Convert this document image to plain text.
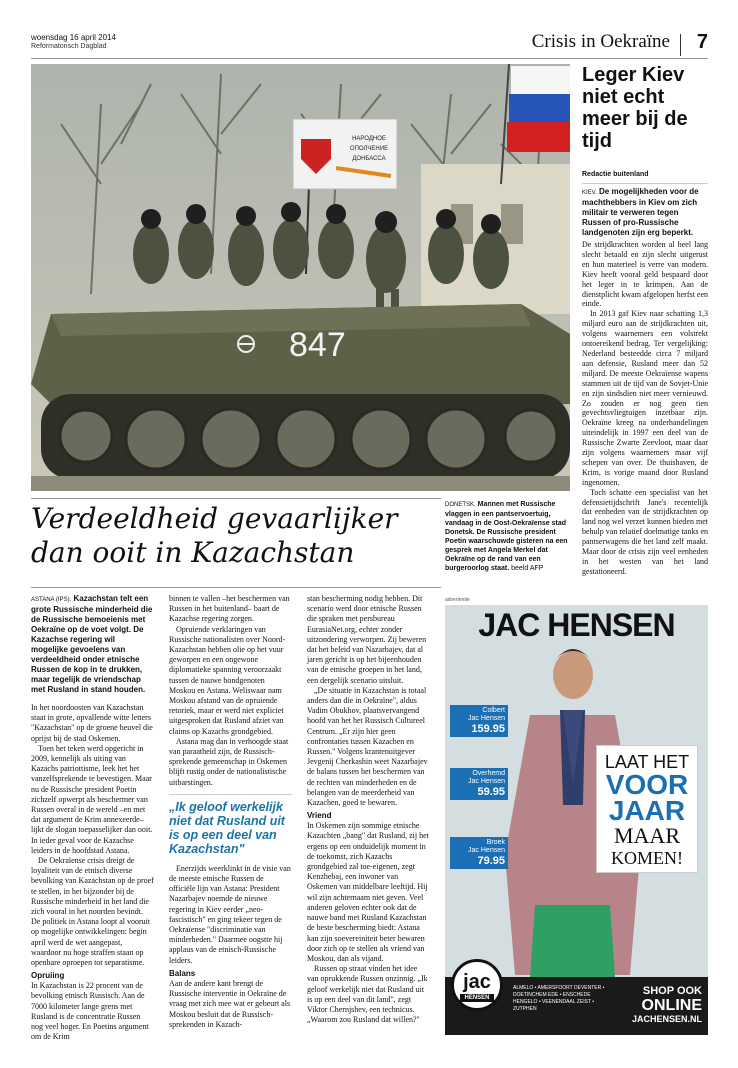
woensdag 16 april 2014
Reformatorisch Dagblad	Crisis in Oekraïne 7
НАРОДНОЕ
ОПОЛЧЕНИЕ
ДОНБАССА
847
Leger Kiev niet echt meer bij de tijd
Redactie buitenland
KIEV. De mogelijkheden voor de machthebbers in Kiev om zich militair te verweren tegen Russen of pro-Russische landgenoten zijn erg beperkt.

De strijdkrachten worden al heel lang slecht betaald en zijn slecht uitgerust en hun materieel is verre van modern. Kiev heeft vooral geld bespaard door het leger in te krimpen. Aan de dienstplicht kwam afgelopen herfst een einde.

In 2013 gaf Kiev naar schatting 1,3 miljard euro aan de strijdkrachten uit, volgens waarnemers een volstrekt ontoereikend bedrag. Ter vergelijking: Nederland besteedde circa 7 miljard aan defensie, Rusland meer dan 52 miljard. De meeste Oekraïense wapens stammen uit de tijd van de Sovjet-Unie en zijn sindsdien niet meer vernieuwd. Zo zouden er nog geen tien gevechtsvliegtuigen inzetbaar zijn. Oekraïne kreeg na onderhandelingen uiteindelijk in 1997 een deel van de Russische Zwarte Zeevloot, maar daar zijn volgens waarnemers maar vijf schepen van over. De thuishaven, de Krim, is vorige maand door Rusland ingenomen.

Toch schatte een specialist van het defensietijdschrift Jane's recentelijk dat eenheden van de strijdkrachten op land nog wel verzet kunnen bieden met behulp van relatief doelmatige tanks en pantserwagens die het land zelf maakt. Maar door de crisis zijn veel eenheden in het westen van het land gestationeerd.

DONETSK. Mannen met Russische vlaggen in een pantservoertuig, vandaag in de Oost-Oekraïense stad Donetsk. De Russische president Poetin waarschuwde gisteren na een gesprek met Angela Merkel dat Oekraïne op de rand van een burgeroorlog staat. beeld AFP
Verdeeldheid gevaarlijker dan ooit in Kazachstan

ASTANA (IPS). Kazachstan telt een grote Russische minderheid die de Russische bemoeienis met Oekraïne op de voet volgt. De Kazachse regering wil mogelijke gevoelens van verdeeldheid onder etnische Russen de kop in te drukken, maar tegelijk de vriendschap met Rusland in stand houden.

In het noordoosten van Kazachstan staat in grote, opvallende witte letters "Kazachstan" op de groene heuvel die oprijst bij de stad Oskemen.

Toen het teken werd opgericht in 2009, kennelijk als uiting van Kazachs patriottisme, leek het het vanzelfsprekende te bevestigen. Maar nu de Russische president Poetin zichzelf opwerpt als beschermer van Russen overal in de wereld –en met dat argument de Krim annexeerde– lijkt de slogan toepasselijker dan ooit. In ieder geval voor de Kazachse leiders in de hoofdstad Astana.

De Oekraïense crisis dreigt de loyaliteit van de etnisch diverse bevolking van Kazachstan op de proef te stellen, in het bijzonder bij de Russische minderheid in het land die zich vooral in het noorden bevindt. De politiek in Astana loopt al vooruit op mogelijke ontwikkelingen: begin april werd de wet aangepast, waardoor nu hoge straffen staan op openbare oproepen tot separatisme.

Opruiing

In Kazachstan is 22 procent van de bevolking etnisch Russisch. Aan de 7000 kilometer lange grens met Rusland is de concentratie Russen nog veel hoger. En Poetins argument om de Krim

binnen te vallen –het beschermen van Russen in het buitenland– baart de Kazachse regering zorgen.

Opruiende verklaringen van Russische nationalisten over Noord-Kazachstan hebben olie op het vuur geworpen en een ongewone diplomatieke spanning veroorzaakt tussen de nauwe bondgenoten Moskou en Astana. Weliswaar nam Moskou afstand van de opruiende retoriek, maar er werd niet expliciet uitgesproken dat Rusland afziet van claims op Kazachs grondgebied.

Astana mag dan in verhoogde staat van paraatheid zijn, de Russisch-sprekende gemeenschap in Oskemen blijft rustig onder de nationalistische uitbarstingen.

„Ik geloof werkelijk niet dat Rusland uit is op een deel van Kazachstan"

Enerzijds weerklinkt in de visie van de meeste etnische Russen de officiële lijn van Astana: President Nazarbajev noemde de nieuwe regering in Kiev eerder „neo-fascistisch" en ging tekeer tegen de Oekraïense "discriminatie van minderheden." Daarmee oogstte hij applaus van de etnisch-Russische leiders.

Balans

Aan de andere kant brengt de Russische interventie in Oekraïne de vraag met zich mee wat er gebeurt als Moskou besluit dat de Russisch-sprekenden in Kazach-

stan bescherming nodig hebben. Dit scenario werd door etnische Russen die spraken met persbureau EurasiaNet.org, echter zonder uitzondering verworpen. Zij beweren dat het beleid van Nazarbajev, dat al jaren gericht is op het bijeenhouden van de etnische groepen in het land, een dergelijk scenario uitsluit.

„De situatie in Kazachstan is totaal anders dan die in Oekraïne", aldus Vadim Obukhov, plaatsvervangend hoofd van het het Russisch Cultureel Centrum. „Er zijn hier geen confrontaties tussen Kazachen en Russen." Volgens krantenuitgever Jevgenij Cherkashin weet Nazarbajev de balans tussen het beschermen van de rechten van minderheden en de belangen van de meerderheid van Kazachen, goed te bewaren.

Vriend

In Oskemen zijn sommige etnische Kazachten „bang" dat Rusland, zij het ergens op een onduidelijk moment in de toekomst, zich Kazachs grondgebied zal toe-eigenen, zegt Kenzhebaj, een inwoner van Oskemen van middelbare leeftijd. Hij wil zijn achternaam niet geven. Veel anderen geloven echter ook dat de nauwe band met Rusland Kazachstan de beste bescherming biedt: Astana kan zijn soevereiniteit beter bewaren door zich op te stellen als vriend van Moskou, dan als vijand.

Russen op straat vinden het idee van oprukkende Russen onzinnig. „Ik geloof werkelijk niet dat Rusland uit is op een deel van dit land", zegt Viktor Chernjshev, een technicus. „Waarom zou Rusland dat willen?"

advertentie
JAC HENSEN
Colbert
Jac Hensen
159.95
Overhemd
Jac Hensen
59.95
Broek
Jac Hensen
79.95
LAAT HET
VOOR
JAAR
MAAR
KOMEN!
jac
HENSEN
ALMELO • AMERSFOORT DEVENTER • DOETINCHEM EDE • ENSCHEDE HENGELO • VEENENDAAL ZEIST • ZUTPHEN
SHOP OOK
ONLINE
JACHENSEN.NL
